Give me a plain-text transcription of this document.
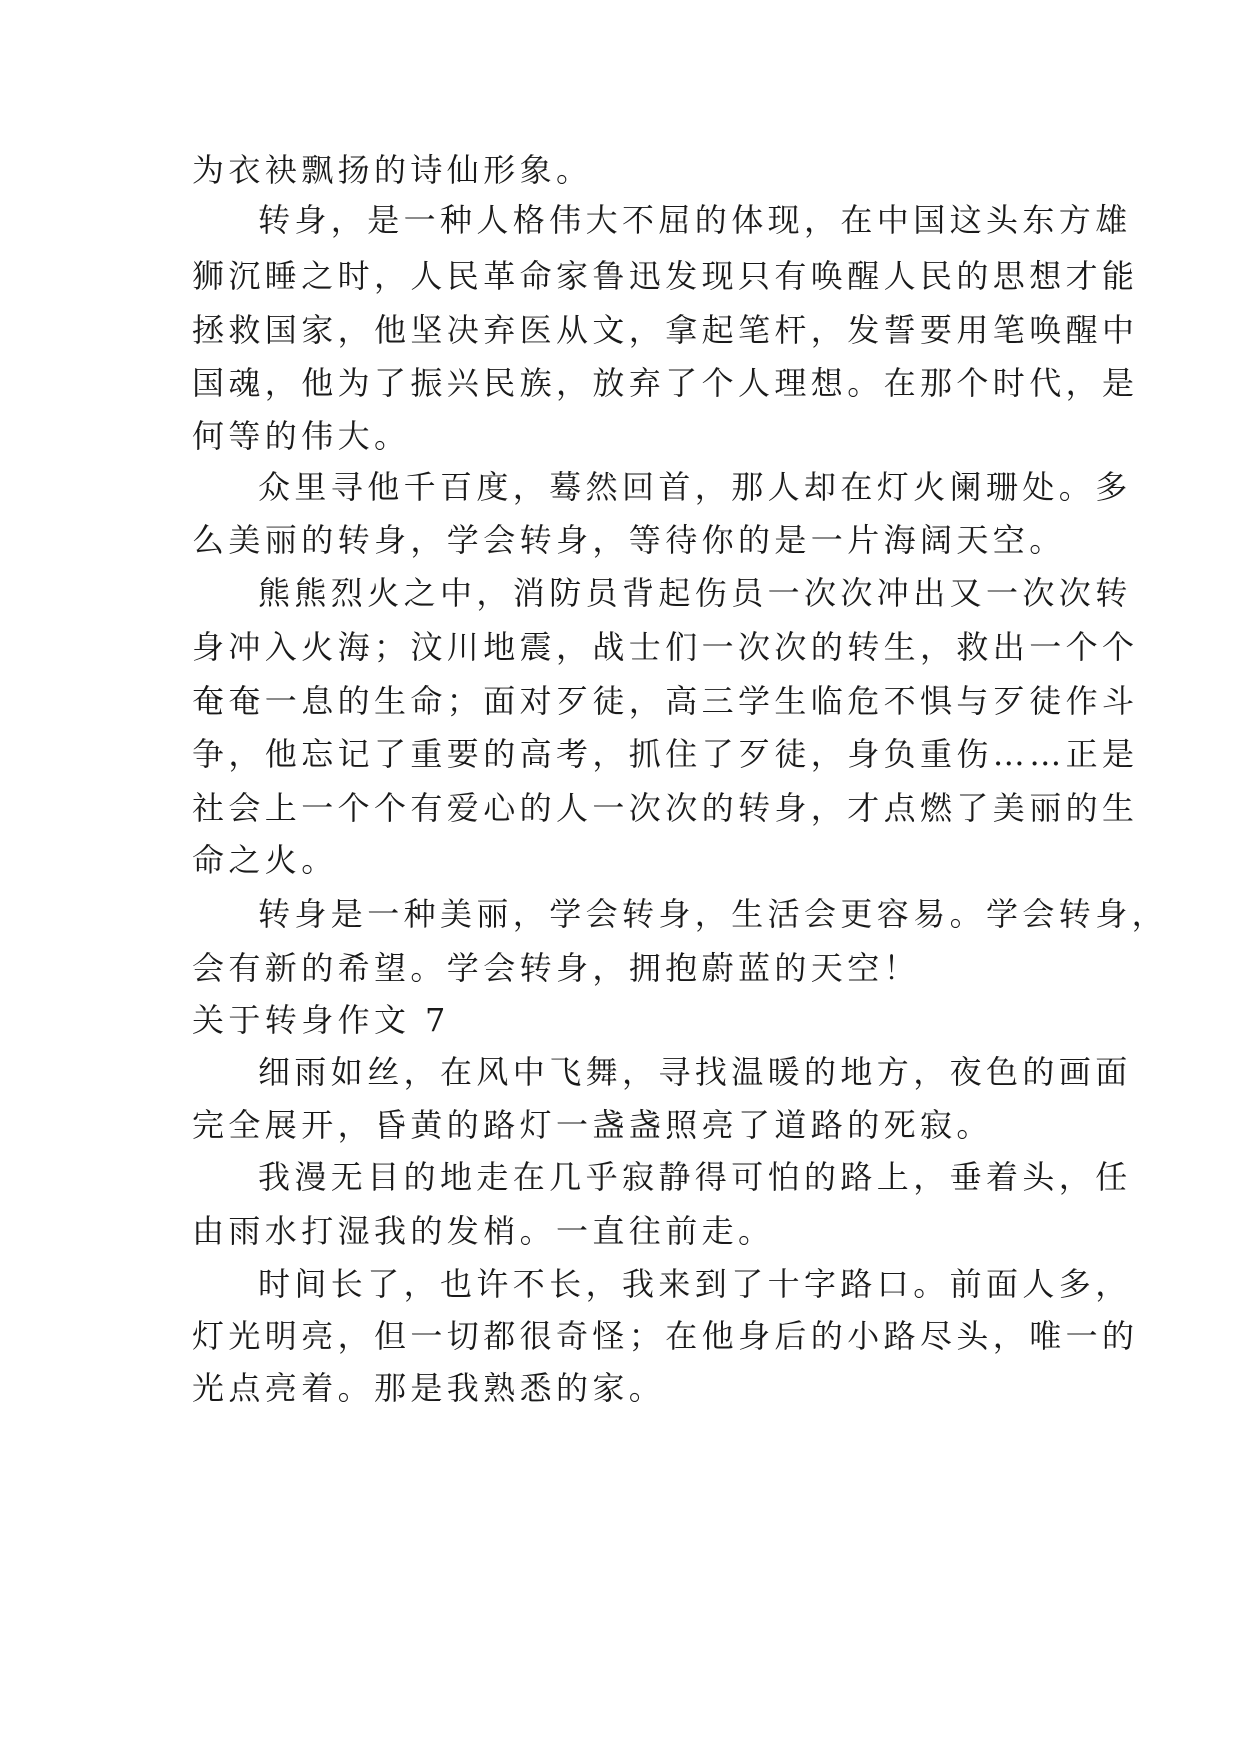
为衣袂飘扬的诗仙形象。
转身，是一种人格伟大不屈的体现，在中国这头东方雄
狮沉睡之时，人民革命家鲁迅发现只有唤醒人民的思想才能
拯救国家，他坚决弃医从文，拿起笔杆，发誓要用笔唤醒中
国魂，他为了振兴民族，放弃了个人理想。在那个时代，是
何等的伟大。
众里寻他千百度，蓦然回首，那人却在灯火阑珊处。多
么美丽的转身，学会转身，等待你的是一片海阔天空。
熊熊烈火之中，消防员背起伤员一次次冲出又一次次转
身冲入火海；汶川地震，战士们一次次的转生，救出一个个
奄奄一息的生命；面对歹徒，高三学生临危不惧与歹徒作斗
争，他忘记了重要的高考，抓住了歹徒，身负重伤……正是
社会上一个个有爱心的人一次次的转身，才点燃了美丽的生
命之火。
转身是一种美丽，学会转身，生活会更容易。学会转身，
会有新的希望。学会转身，拥抱蔚蓝的天空！
关于转身作文 7
细雨如丝，在风中飞舞，寻找温暖的地方，夜色的画面
完全展开，昏黄的路灯一盏盏照亮了道路的死寂。
我漫无目的地走在几乎寂静得可怕的路上，垂着头，任
由雨水打湿我的发梢。一直往前走。
时间长了，也许不长，我来到了十字路口。前面人多，
灯光明亮，但一切都很奇怪；在他身后的小路尽头，唯一的
光点亮着。那是我熟悉的家。
